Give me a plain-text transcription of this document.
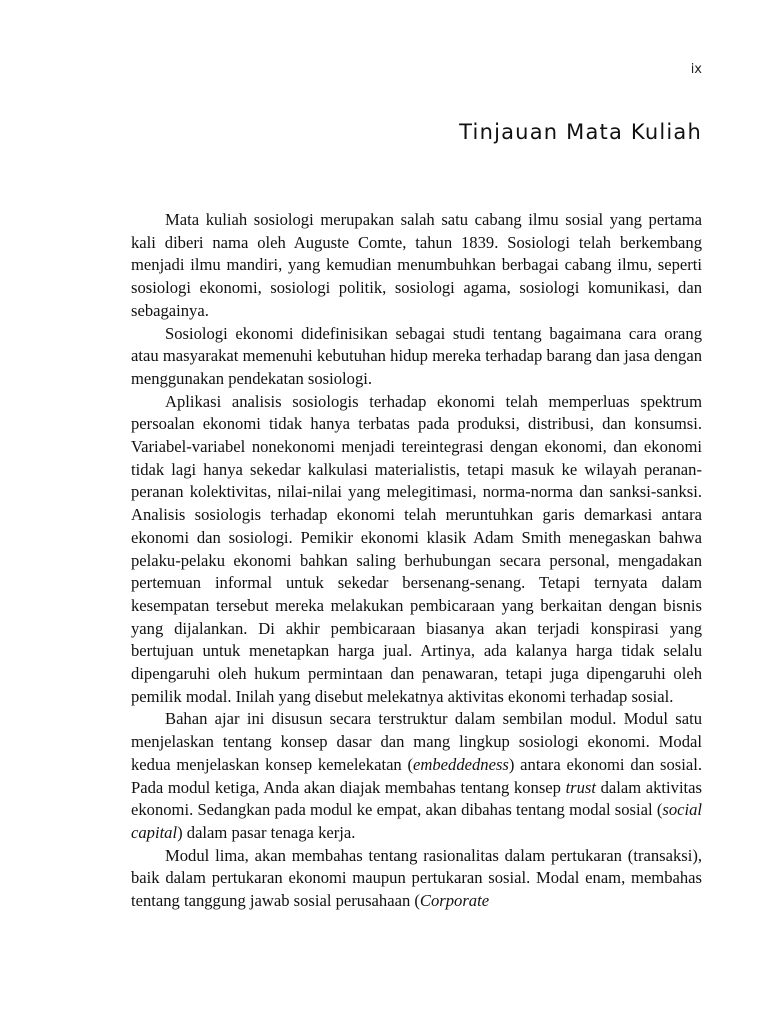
ix
Tinjauan Mata Kuliah

Mata kuliah sosiologi merupakan salah satu cabang ilmu sosial yang pertama kali diberi nama oleh Auguste Comte, tahun 1839. Sosiologi telah berkembang menjadi ilmu mandiri, yang kemudian menumbuhkan berbagai cabang ilmu, seperti sosiologi ekonomi, sosiologi politik, sosiologi agama, sosiologi komunikasi, dan sebagainya.

Sosiologi ekonomi didefinisikan sebagai studi tentang bagaimana cara orang atau masyarakat memenuhi kebutuhan hidup mereka terhadap barang dan jasa dengan menggunakan pendekatan sosiologi.

Aplikasi analisis sosiologis terhadap ekonomi telah memperluas spektrum persoalan ekonomi tidak hanya terbatas pada produksi, distribusi, dan konsumsi. Variabel-variabel nonekonomi menjadi tereintegrasi dengan ekonomi, dan ekonomi tidak lagi hanya sekedar kalkulasi materialistis, tetapi masuk ke wilayah peranan-peranan kolektivitas, nilai-nilai yang melegitimasi, norma-norma dan sanksi-sanksi. Analisis sosiologis terhadap ekonomi telah meruntuhkan garis demarkasi antara ekonomi dan sosiologi. Pemikir ekonomi klasik Adam Smith menegaskan bahwa pelaku-pelaku ekonomi bahkan saling berhubungan secara personal, mengadakan pertemuan informal untuk sekedar bersenang-senang. Tetapi ternyata dalam kesempatan tersebut mereka melakukan pembicaraan yang berkaitan dengan bisnis yang dijalankan. Di akhir pembicaraan biasanya akan terjadi konspirasi yang bertujuan untuk menetapkan harga jual. Artinya, ada kalanya harga tidak selalu dipengaruhi oleh hukum permintaan dan penawaran, tetapi juga dipengaruhi oleh pemilik modal. Inilah yang disebut melekatnya aktivitas ekonomi terhadap sosial.

Bahan ajar ini disusun secara terstruktur dalam sembilan modul. Modul satu menjelaskan tentang konsep dasar dan mang lingkup sosiologi ekonomi. Modal kedua menjelaskan konsep kemelekatan (embeddedness) antara ekonomi dan sosial. Pada modul ketiga, Anda akan diajak membahas tentang konsep trust dalam aktivitas ekonomi. Sedangkan pada modul ke empat, akan dibahas tentang modal sosial (social capital) dalam pasar tenaga kerja.

Modul lima, akan membahas tentang rasionalitas dalam pertukaran (transaksi), baik dalam pertukaran ekonomi maupun pertukaran sosial. Modal enam, membahas tentang tanggung jawab sosial perusahaan (Corporate
